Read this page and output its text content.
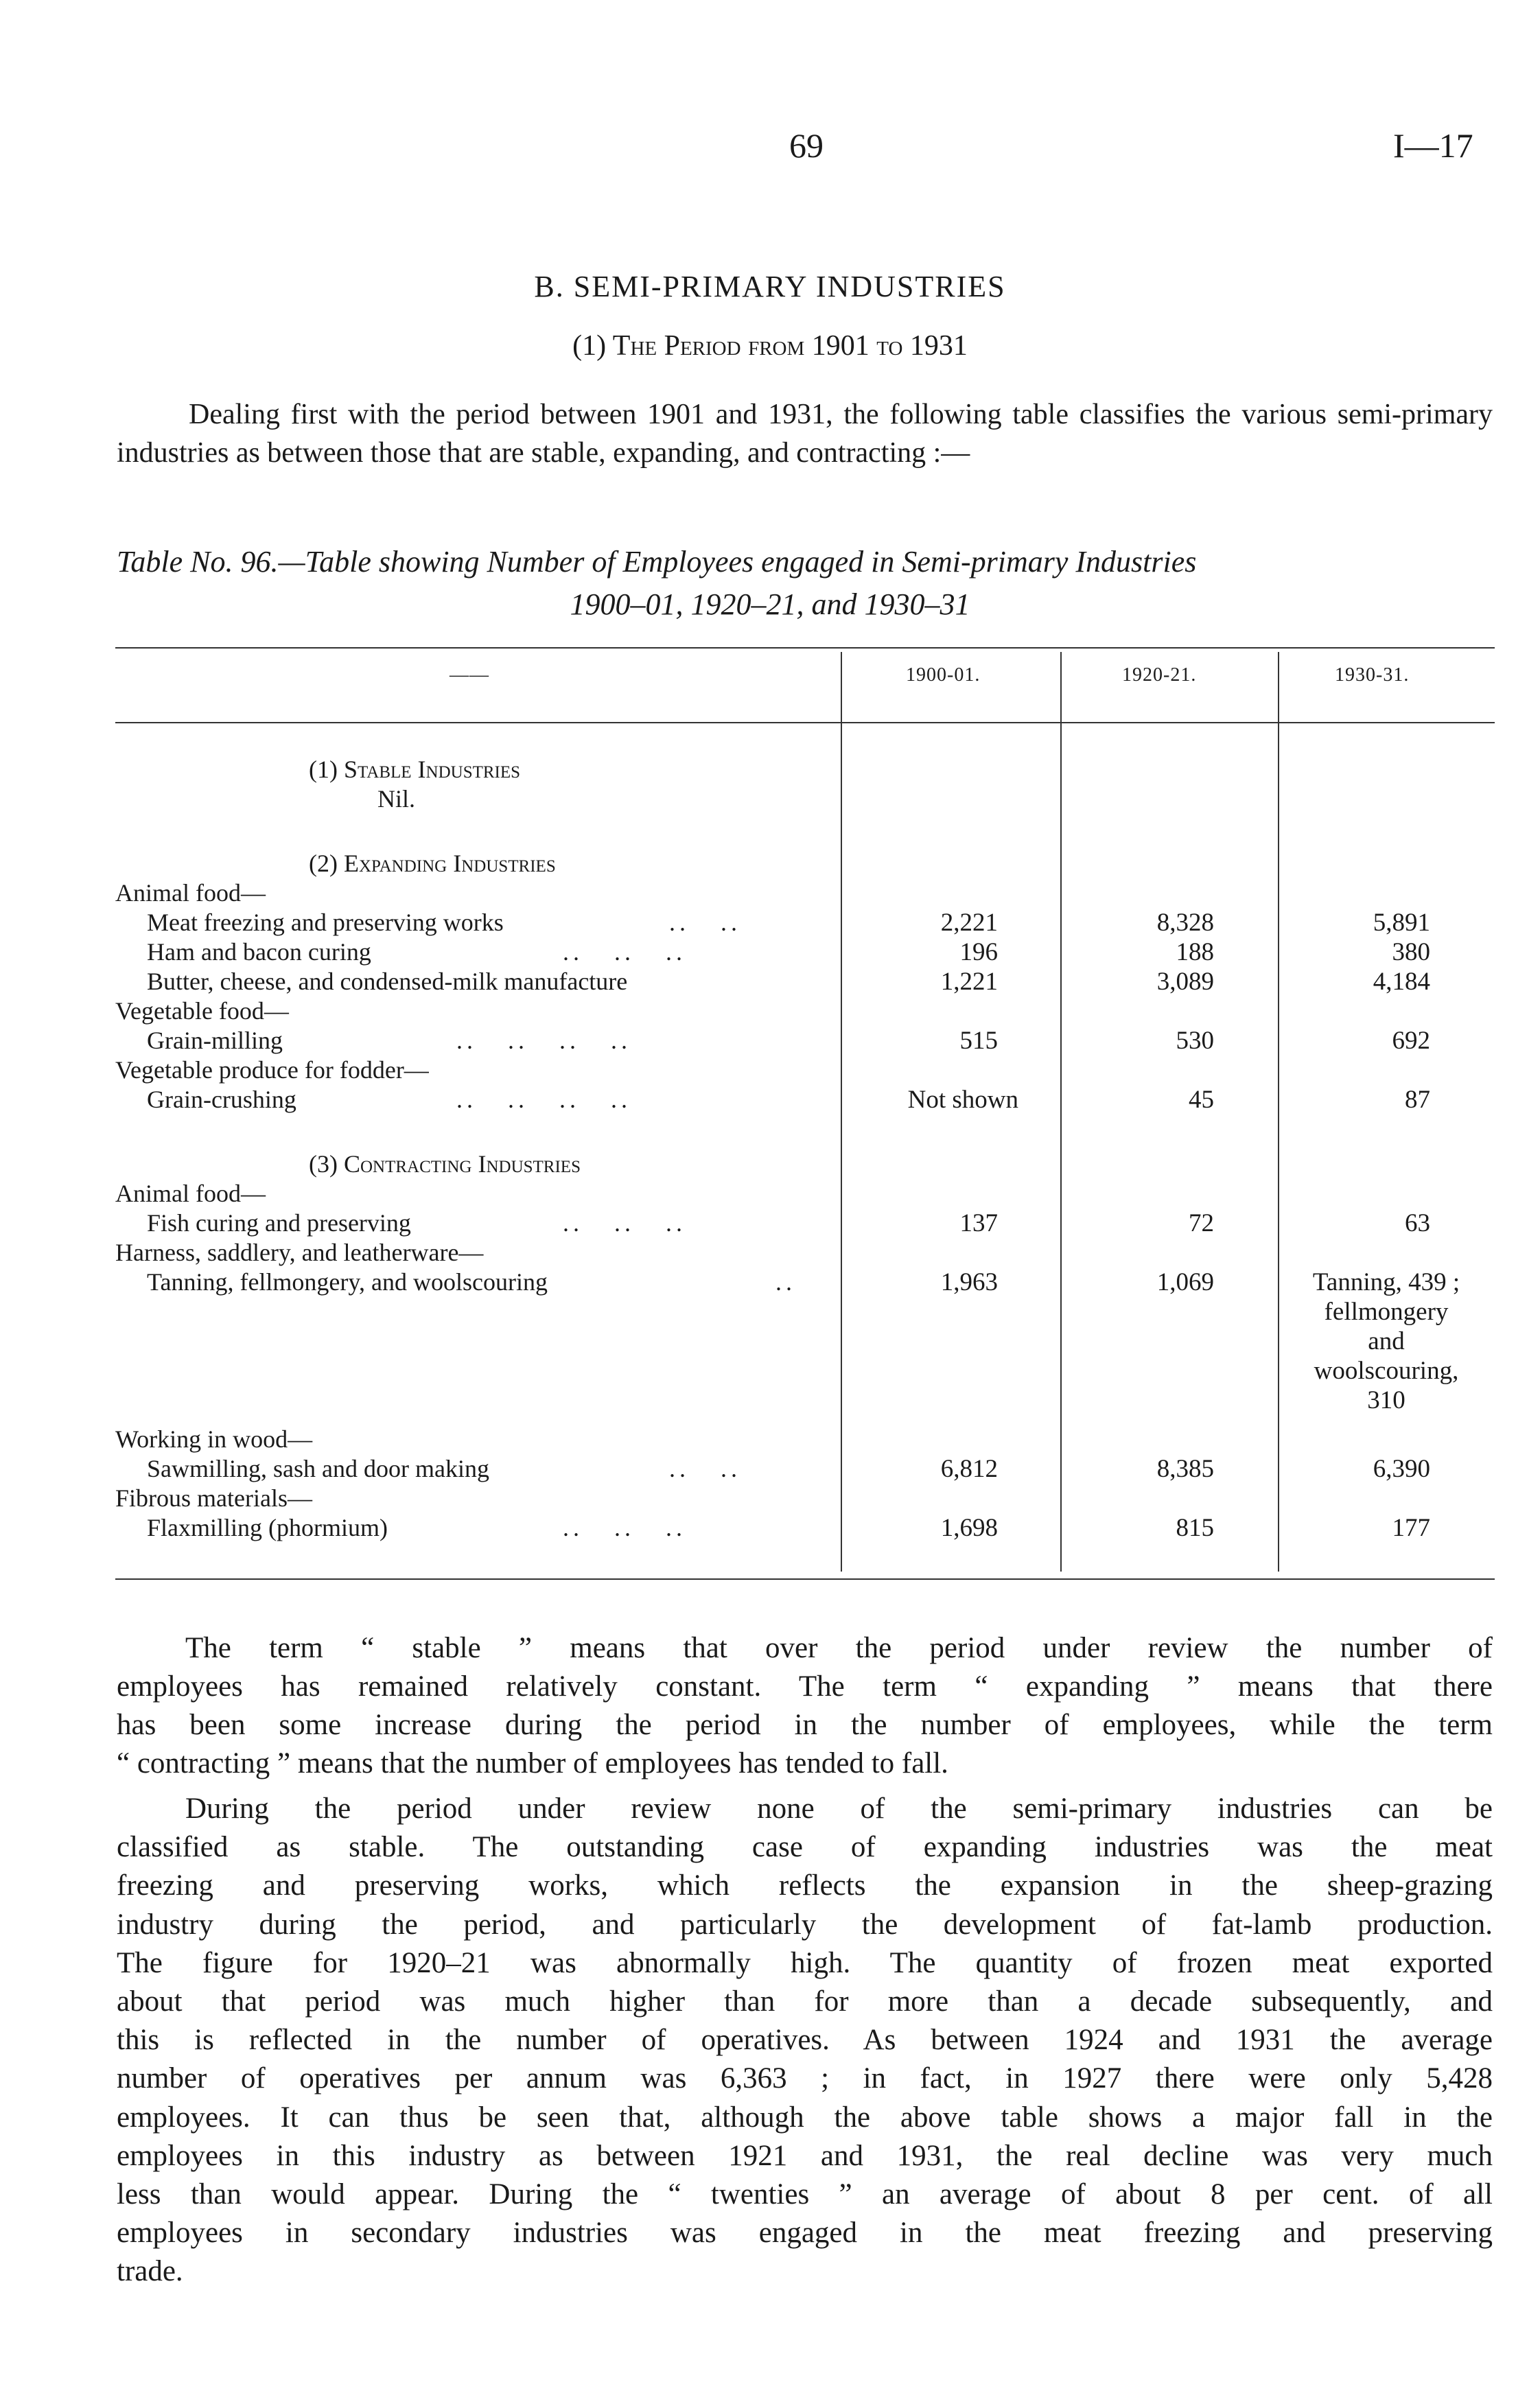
69	I—17
B. SEMI-PRIMARY INDUSTRIES
(1) The Period from 1901 to 1931
Dealing first with the period between 1901 and 1931, the following table classifies the various semi-primary industries as between those that are stable, expanding, and contracting :—
Table No. 96.—Table showing Number of Employees engaged in Semi-primary Industries
1900–01, 1920–21, and 1930–31
——	1900-01.	1920-21.	1930-31.
(1) Stable Industries
Nil.
(2) Expanding Industries
Animal food—
Meat freezing and preserving works	..   ..	2,221	8,328	5,891
Ham and bacon curing	..   ..   ..	196	188	380
Butter, cheese, and condensed-milk manufacture	1,221	3,089	4,184
Vegetable food—
Grain-milling	..   ..   ..   ..	515	530	692
Vegetable produce for fodder—
Grain-crushing	..   ..   ..   ..	Not shown	45	87
(3) Contracting Industries
Animal food—
Fish curing and preserving	..   ..   ..	137	72	63
Harness, saddlery, and leatherware—
Tanning, fellmongery, and woolscouring	..	1,963	1,069	Tanning, 439 ;
fellmongery
and
woolscouring,
310
Working in wood—
Sawmilling, sash and door making	..   ..	6,812	8,385	6,390
Fibrous materials—
Flaxmilling (phormium)	..   ..   ..	1,698	815	177
The term “ stable ” means that over the period under review the number of
employees has remained relatively constant. The term “ expanding ” means that there
has been some increase during the period in the number of employees, while the term
“ contracting ” means that the number of employees has tended to fall.
During the period under review none of the semi-primary industries can be
classified as stable. The outstanding case of expanding industries was the meat
freezing and preserving works, which reflects the expansion in the sheep-grazing
industry during the period, and particularly the development of fat-lamb production.
The figure for 1920–21 was abnormally high. The quantity of frozen meat exported
about that period was much higher than for more than a decade subsequently, and
this is reflected in the number of operatives. As between 1924 and 1931 the average
number of operatives per annum was 6,363 ; in fact, in 1927 there were only 5,428
employees. It can thus be seen that, although the above table shows a major fall in the
employees in this industry as between 1921 and 1931, the real decline was very much
less than would appear. During the “ twenties ” an average of about 8 per cent. of all
employees in secondary industries was engaged in the meat freezing and preserving
trade.
